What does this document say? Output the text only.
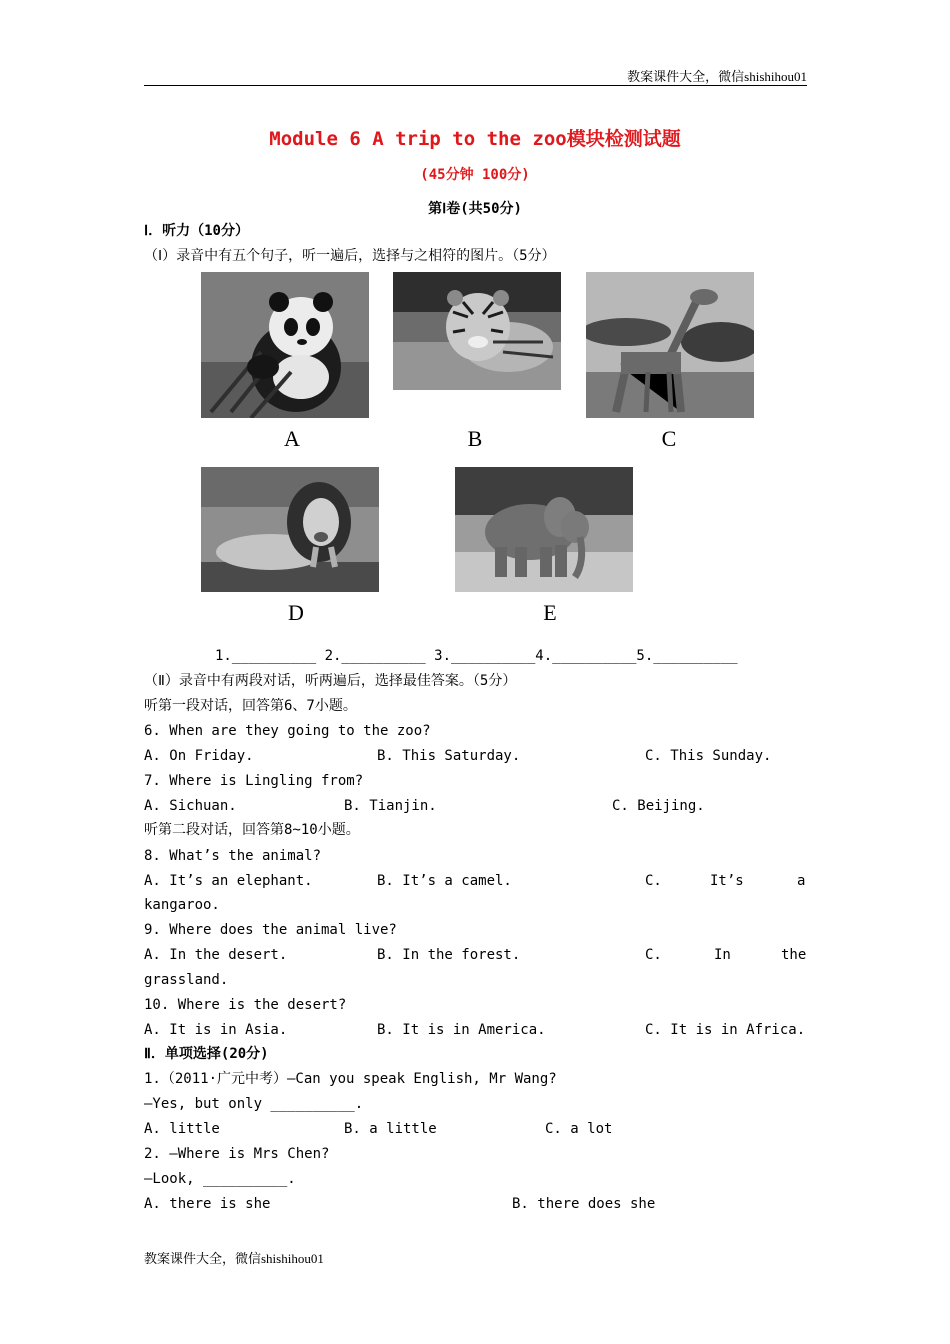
教案课件大全，微信shishihou01
Module 6 A trip to the zoo模块检测试题
(45分钟 100分)
第Ⅰ卷(共50分)
Ⅰ．听力（10分）
（Ⅰ）录音中有五个句子，听一遍后，选择与之相符的图片。（5分）
A	B	C
D	E
1.__________ 2.__________ 3.__________4.__________5.__________
（Ⅱ）录音中有两段对话，听两遍后，选择最佳答案。（5分）
听第一段对话，回答第6、7小题。
6. When are they going to the zoo?
A. On Friday.	B. This Saturday.	C. This Sunday.
7. Where is Lingling from?
A. Sichuan.	B. Tianjin.	C. Beijing.
听第二段对话，回答第8~10小题。
8. What’s the animal?
A. It’s an elephant.	B. It’s a camel.	C.	It’s	a
kangaroo.
9. Where does the animal live?
A. In the desert.	B. In the forest.	C.	In	the
grassland.
10. Where is the desert?
A. It is in Asia.	B. It is in America.	C. It is in Africa.
Ⅱ．单项选择(20分)
1.（2011·广元中考）—Can you speak English, Mr Wang?
—Yes, but only __________.
A. little	B. a little	C. a lot
2. —Where is Mrs Chen?
—Look, __________.
A. there is she	B. there does she
教案课件大全，微信shishihou01
